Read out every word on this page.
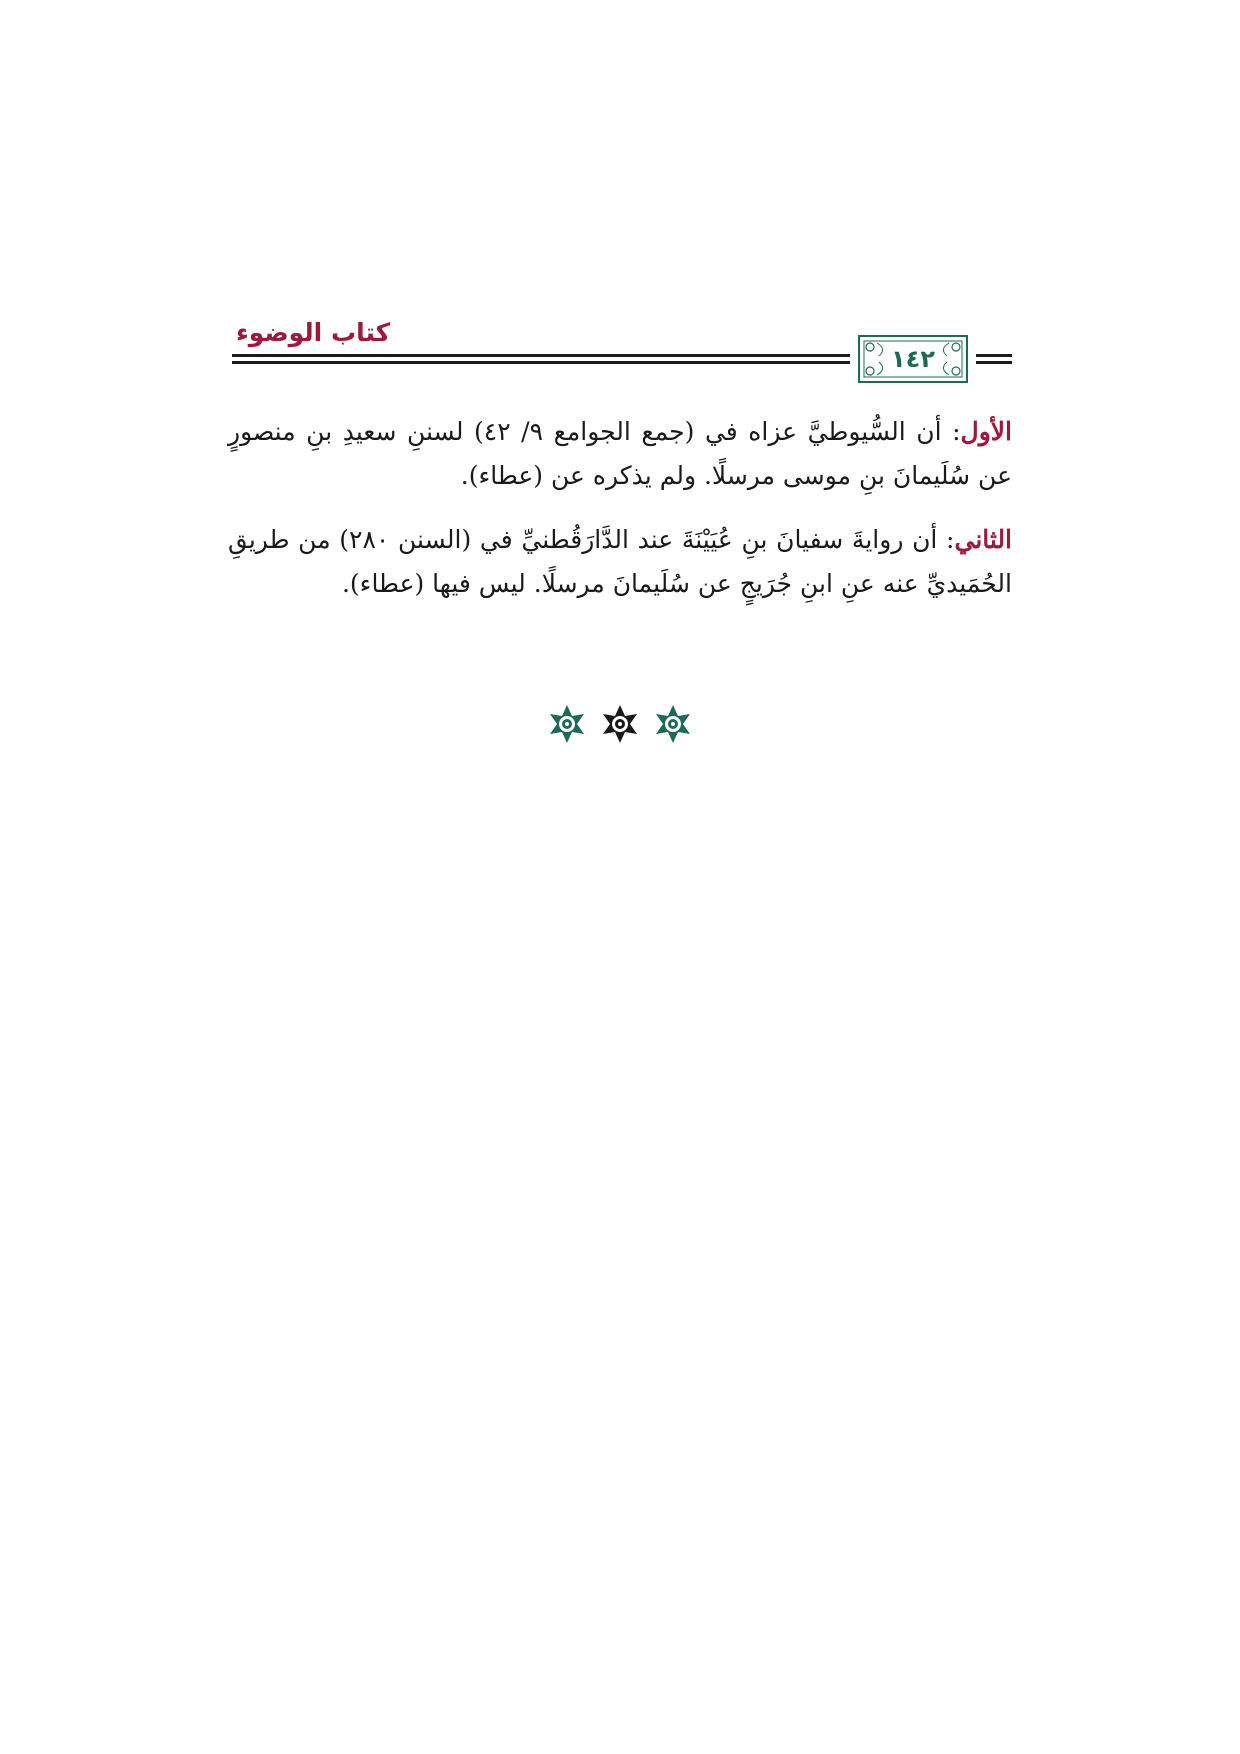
كتاب الوضوء
١٤٢

الأول: أن السُّيوطيَّ عزاه في (جمع الجوامع ٩/ ٤٢) لسننِ سعيدِ بنِ منصورٍ عن سُلَيمانَ بنِ موسى مرسلًا. ولم يذكره عن (عطاء).

الثاني: أن روايةَ سفيانَ بنِ عُيَيْنَةَ عند الدَّارَقُطنيِّ في (السنن ٢٨٠) من طريقِ الحُمَيديِّ عنه عنِ ابنِ جُرَيجٍ عن سُلَيمانَ مرسلًا. ليس فيها (عطاء).
